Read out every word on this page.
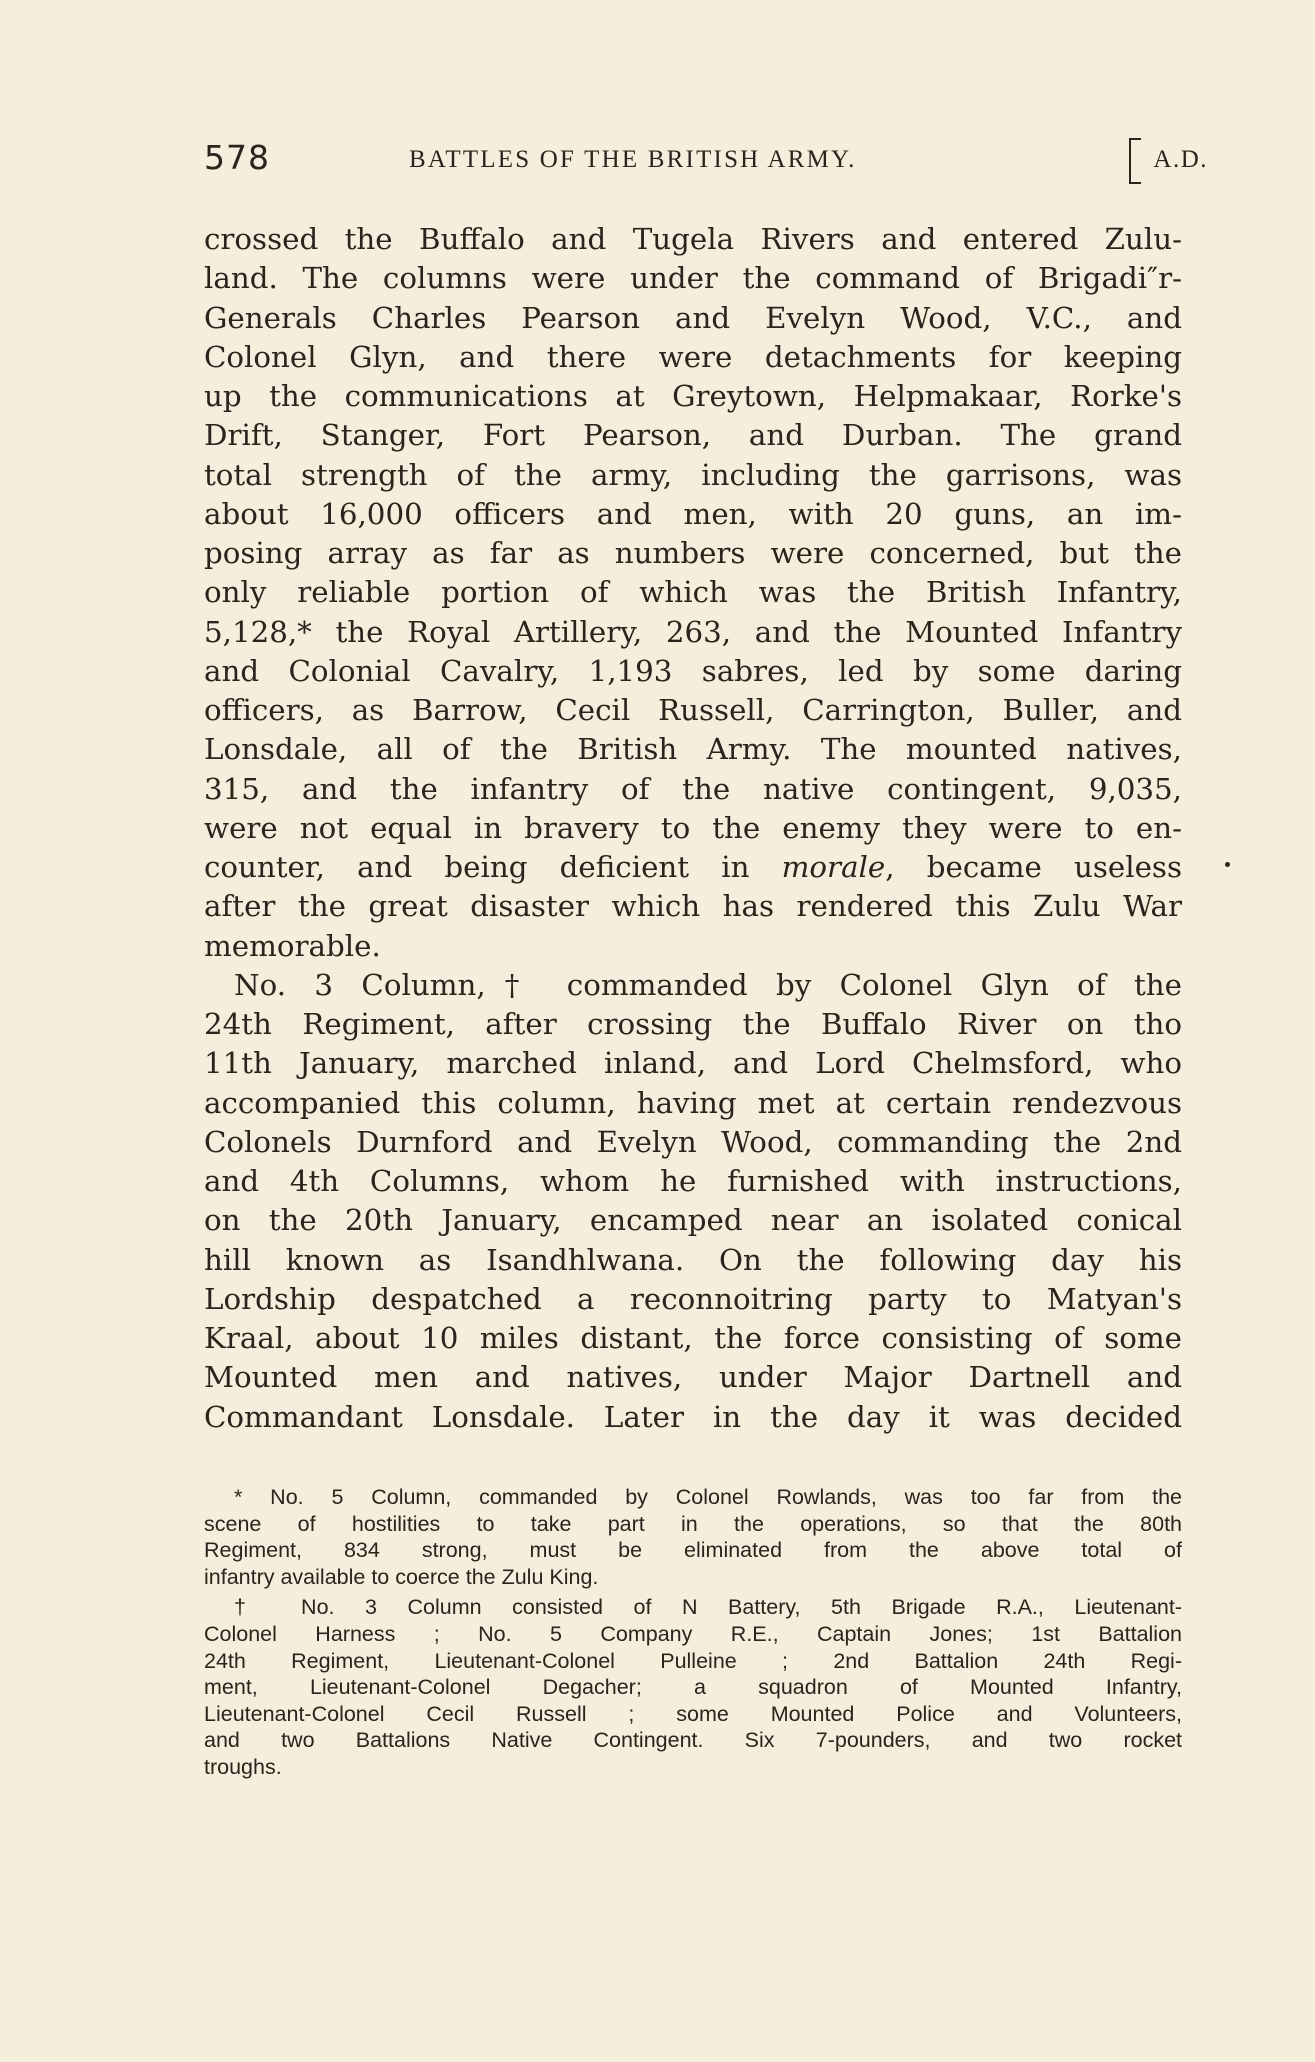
578	BATTLES OF THE BRITISH ARMY.	A.D.

crossed the Buffalo and Tugela Rivers and entered Zulu-

land. The columns were under the command of Brigadi″r-

Generals Charles Pearson and Evelyn Wood, V.C., and

Colonel Glyn, and there were detachments for keeping

up the communications at Greytown, Helpmakaar, Rorke's

Drift, Stanger, Fort Pearson, and Durban. The grand

total strength of the army, including the garrisons, was

about 16,000 officers and men, with 20 guns, an im-

posing array as far as numbers were concerned, but the

only reliable portion of which was the British Infantry,

5,128,* the Royal Artillery, 263, and the Mounted Infantry

and Colonial Cavalry, 1,193 sabres, led by some daring

officers, as Barrow, Cecil Russell, Carrington, Buller, and

Lonsdale, all of the British Army. The mounted natives,

315, and the infantry of the native contingent, 9,035,

were not equal in bravery to the enemy they were to en-

counter, and being deficient in morale, became useless

after the great disaster which has rendered this Zulu War

memorable.

No. 3 Column,† commanded by Colonel Glyn of the

24th Regiment, after crossing the Buffalo River on tho

11th January, marched inland, and Lord Chelmsford, who

accompanied this column, having met at certain rendezvous

Colonels Durnford and Evelyn Wood, commanding the 2nd

and 4th Columns, whom he furnished with instructions,

on the 20th January, encamped near an isolated conical

hill known as Isandhlwana. On the following day his

Lordship despatched a reconnoitring party to Matyan's

Kraal, about 10 miles distant, the force consisting of some

Mounted men and natives, under Major Dartnell and

Commandant Lonsdale. Later in the day it was decided

* No. 5 Column, commanded by Colonel Rowlands, was too far from the

scene of hostilities to take part in the operations, so that the 80th

Regiment, 834 strong, must be eliminated from the above total of

infantry available to coerce the Zulu King.

† No. 3 Column consisted of N Battery, 5th Brigade R.A., Lieutenant-

Colonel Harness ; No. 5 Company R.E., Captain Jones; 1st Battalion

24th Regiment, Lieutenant-Colonel Pulleine ; 2nd Battalion 24th Regi-

ment, Lieutenant-Colonel Degacher; a squadron of Mounted Infantry,

Lieutenant-Colonel Cecil Russell ; some Mounted Police and Volunteers,

and two Battalions Native Contingent. Six 7-pounders, and two rocket

troughs.
